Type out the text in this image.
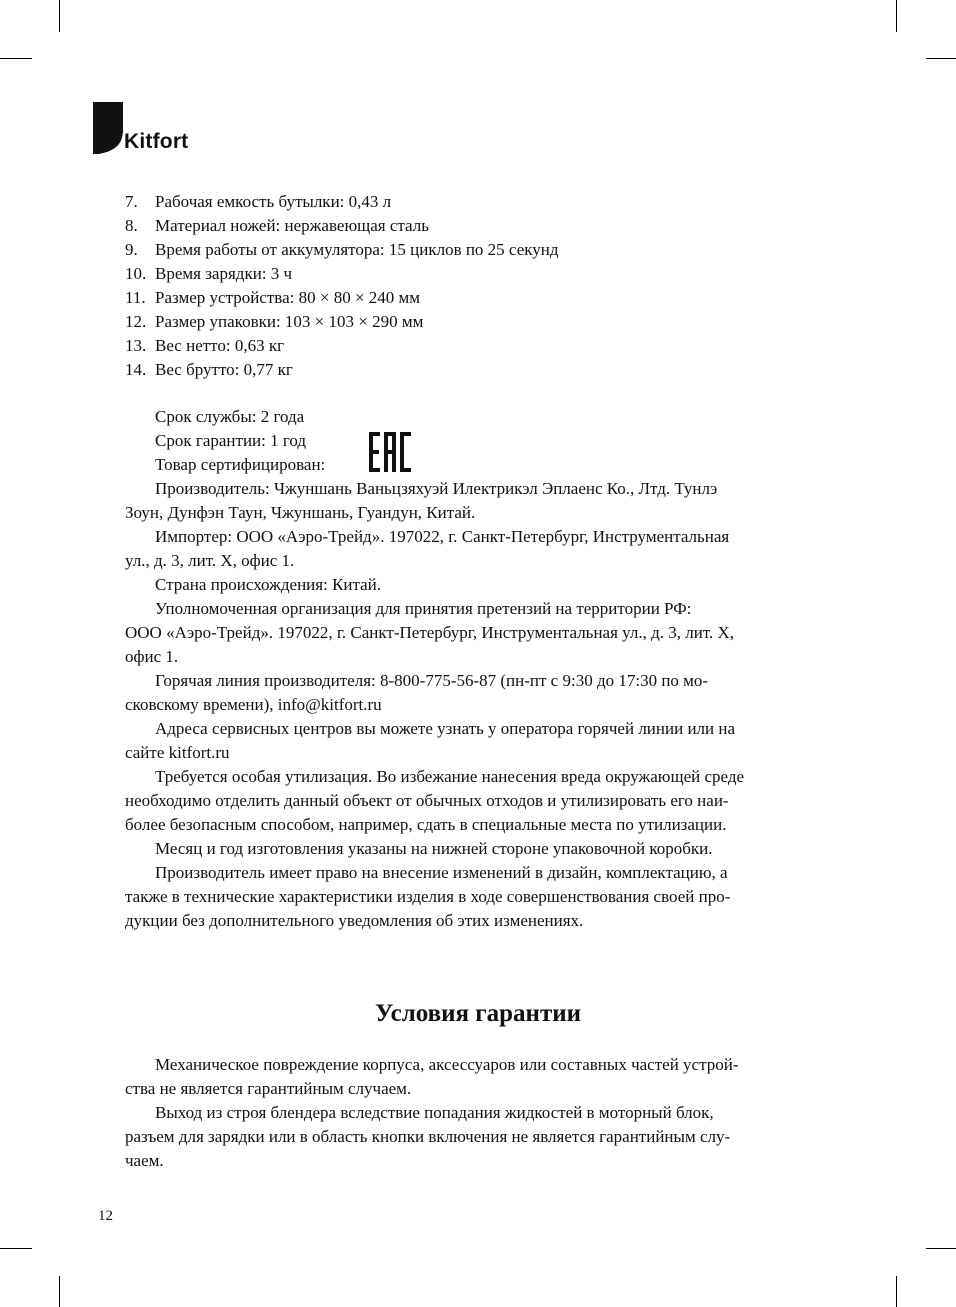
Kitfort
7. Рабочая емкость бутылки: 0,43 л
8. Материал ножей: нержавеющая сталь
9. Время работы от аккумулятора: 15 циклов по 25 секунд
10. Время зарядки: 3 ч
11. Размер устройства: 80 × 80 × 240 мм
12. Размер упаковки: 103 × 103 × 290 мм
13. Вес нетто: 0,63 кг
14. Вес брутто: 0,77 кг
Срок службы: 2 года
Срок гарантии: 1 год
Товар сертифицирован:
Производитель: Чжуншань Ваньцзяхуэй Илектрикэл Эплаенс Ко., Лтд. Тунлэ
Зоун, Дунфэн Таун, Чжуншань, Гуандун, Китай.
Импортер: ООО «Аэро-Трейд». 197022, г. Санкт-Петербург, Инструментальная
ул., д. 3, лит. Х, офис 1.
Страна происхождения: Китай.
Уполномоченная организация для принятия претензий на территории РФ:
ООО «Аэро-Трейд». 197022, г. Санкт-Петербург, Инструментальная ул., д. 3, лит. Х,
офис 1.
Горячая линия производителя: 8-800-775-56-87 (пн-пт с 9:30 до 17:30 по мо-
сковскому времени), info@kitfort.ru
Адреса сервисных центров вы можете узнать у оператора горячей линии или на
сайте kitfort.ru
Требуется особая утилизация. Во избежание нанесения вреда окружающей среде
необходимо отделить данный объект от обычных отходов и утилизировать его наи-
более безопасным способом, например, сдать в специальные места по утилизации.
Месяц и год изготовления указаны на нижней стороне упаковочной коробки.
Производитель имеет право на внесение изменений в дизайн, комплектацию, а
также в технические характеристики изделия в ходе совершенствования своей про-
дукции без дополнительного уведомления об этих изменениях.
Условия гарантии
Механическое повреждение корпуса, аксессуаров или составных частей устрой-
ства не является гарантийным случаем.
Выход из строя блендера вследствие попадания жидкостей в моторный блок,
разъем для зарядки или в область кнопки включения не является гарантийным слу-
чаем.
12
